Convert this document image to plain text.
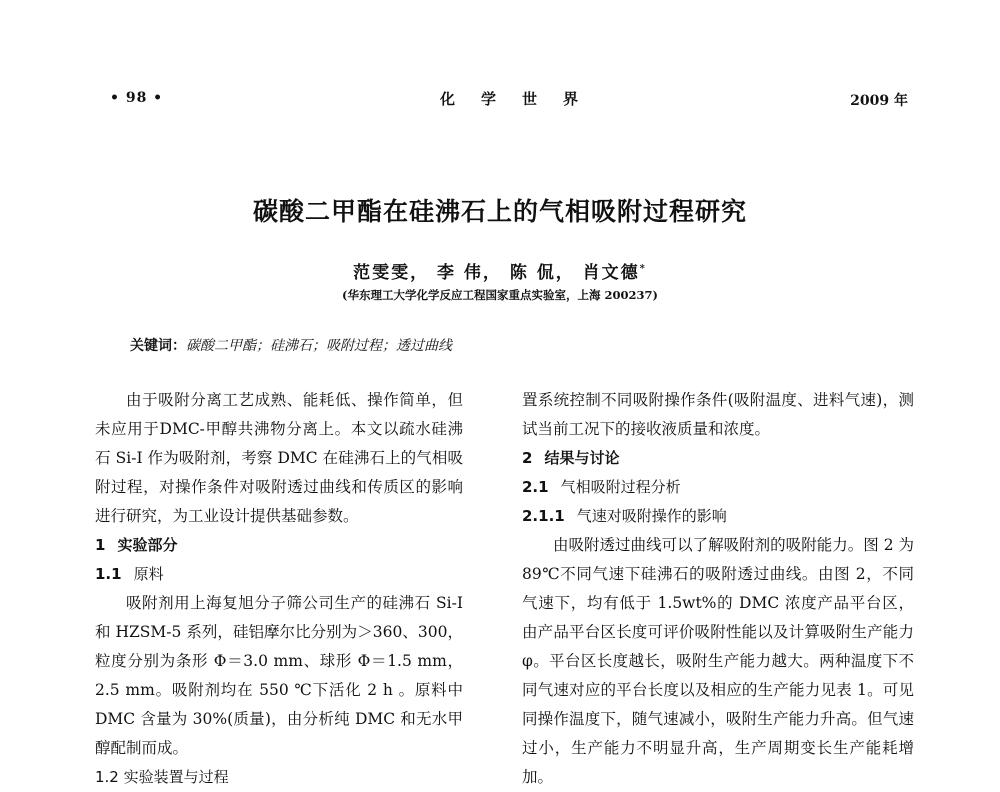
• 98 •	化学世界	2009 年
碳酸二甲酯在硅沸石上的气相吸附过程研究
范雯雯， 李 伟， 陈 侃， 肖文德*
(华东理工大学化学反应工程国家重点实验室，上海 200237)
关键词：碳酸二甲酯；硅沸石；吸附过程；透过曲线

由于吸附分离工艺成熟、能耗低、操作简单，但未应用于DMC-甲醇共沸物分离上。本文以疏水硅沸石 Si-I 作为吸附剂，考察 DMC 在硅沸石上的气相吸附过程，对操作条件对吸附透过曲线和传质区的影响进行研究，为工业设计提供基础参数。

1 实验部分

1.1 原料

吸附剂用上海复旭分子筛公司生产的硅沸石 Si-I 和 HZSM-5 系列，硅铝摩尔比分别为＞360、300，粒度分别为条形 Φ＝3.0 mm、球形 Φ＝1.5 mm，2.5 mm。吸附剂均在 550 ℃下活化 2 h 。原料中 DMC 含量为 30%(质量)，由分析纯 DMC 和无水甲醇配制而成。

1.2 实验装置与过程

置系统控制不同吸附操作条件(吸附温度、进料气速)，测试当前工况下的接收液质量和浓度。

2 结果与讨论

2.1 气相吸附过程分析

2.1.1 气速对吸附操作的影响

由吸附透过曲线可以了解吸附剂的吸附能力。图 2 为 89℃不同气速下硅沸石的吸附透过曲线。由图 2，不同气速下，均有低于 1.5wt%的 DMC 浓度产品平台区，由产品平台区长度可评价吸附性能以及计算吸附生产能力 φ。平台区长度越长，吸附生产能力越大。两种温度下不同气速对应的平台长度以及相应的生产能力见表 1。可见同操作温度下，随气速减小，吸附生产能力升高。但气速过小，生产能力不明显升高，生产周期变长生产能耗增加。
